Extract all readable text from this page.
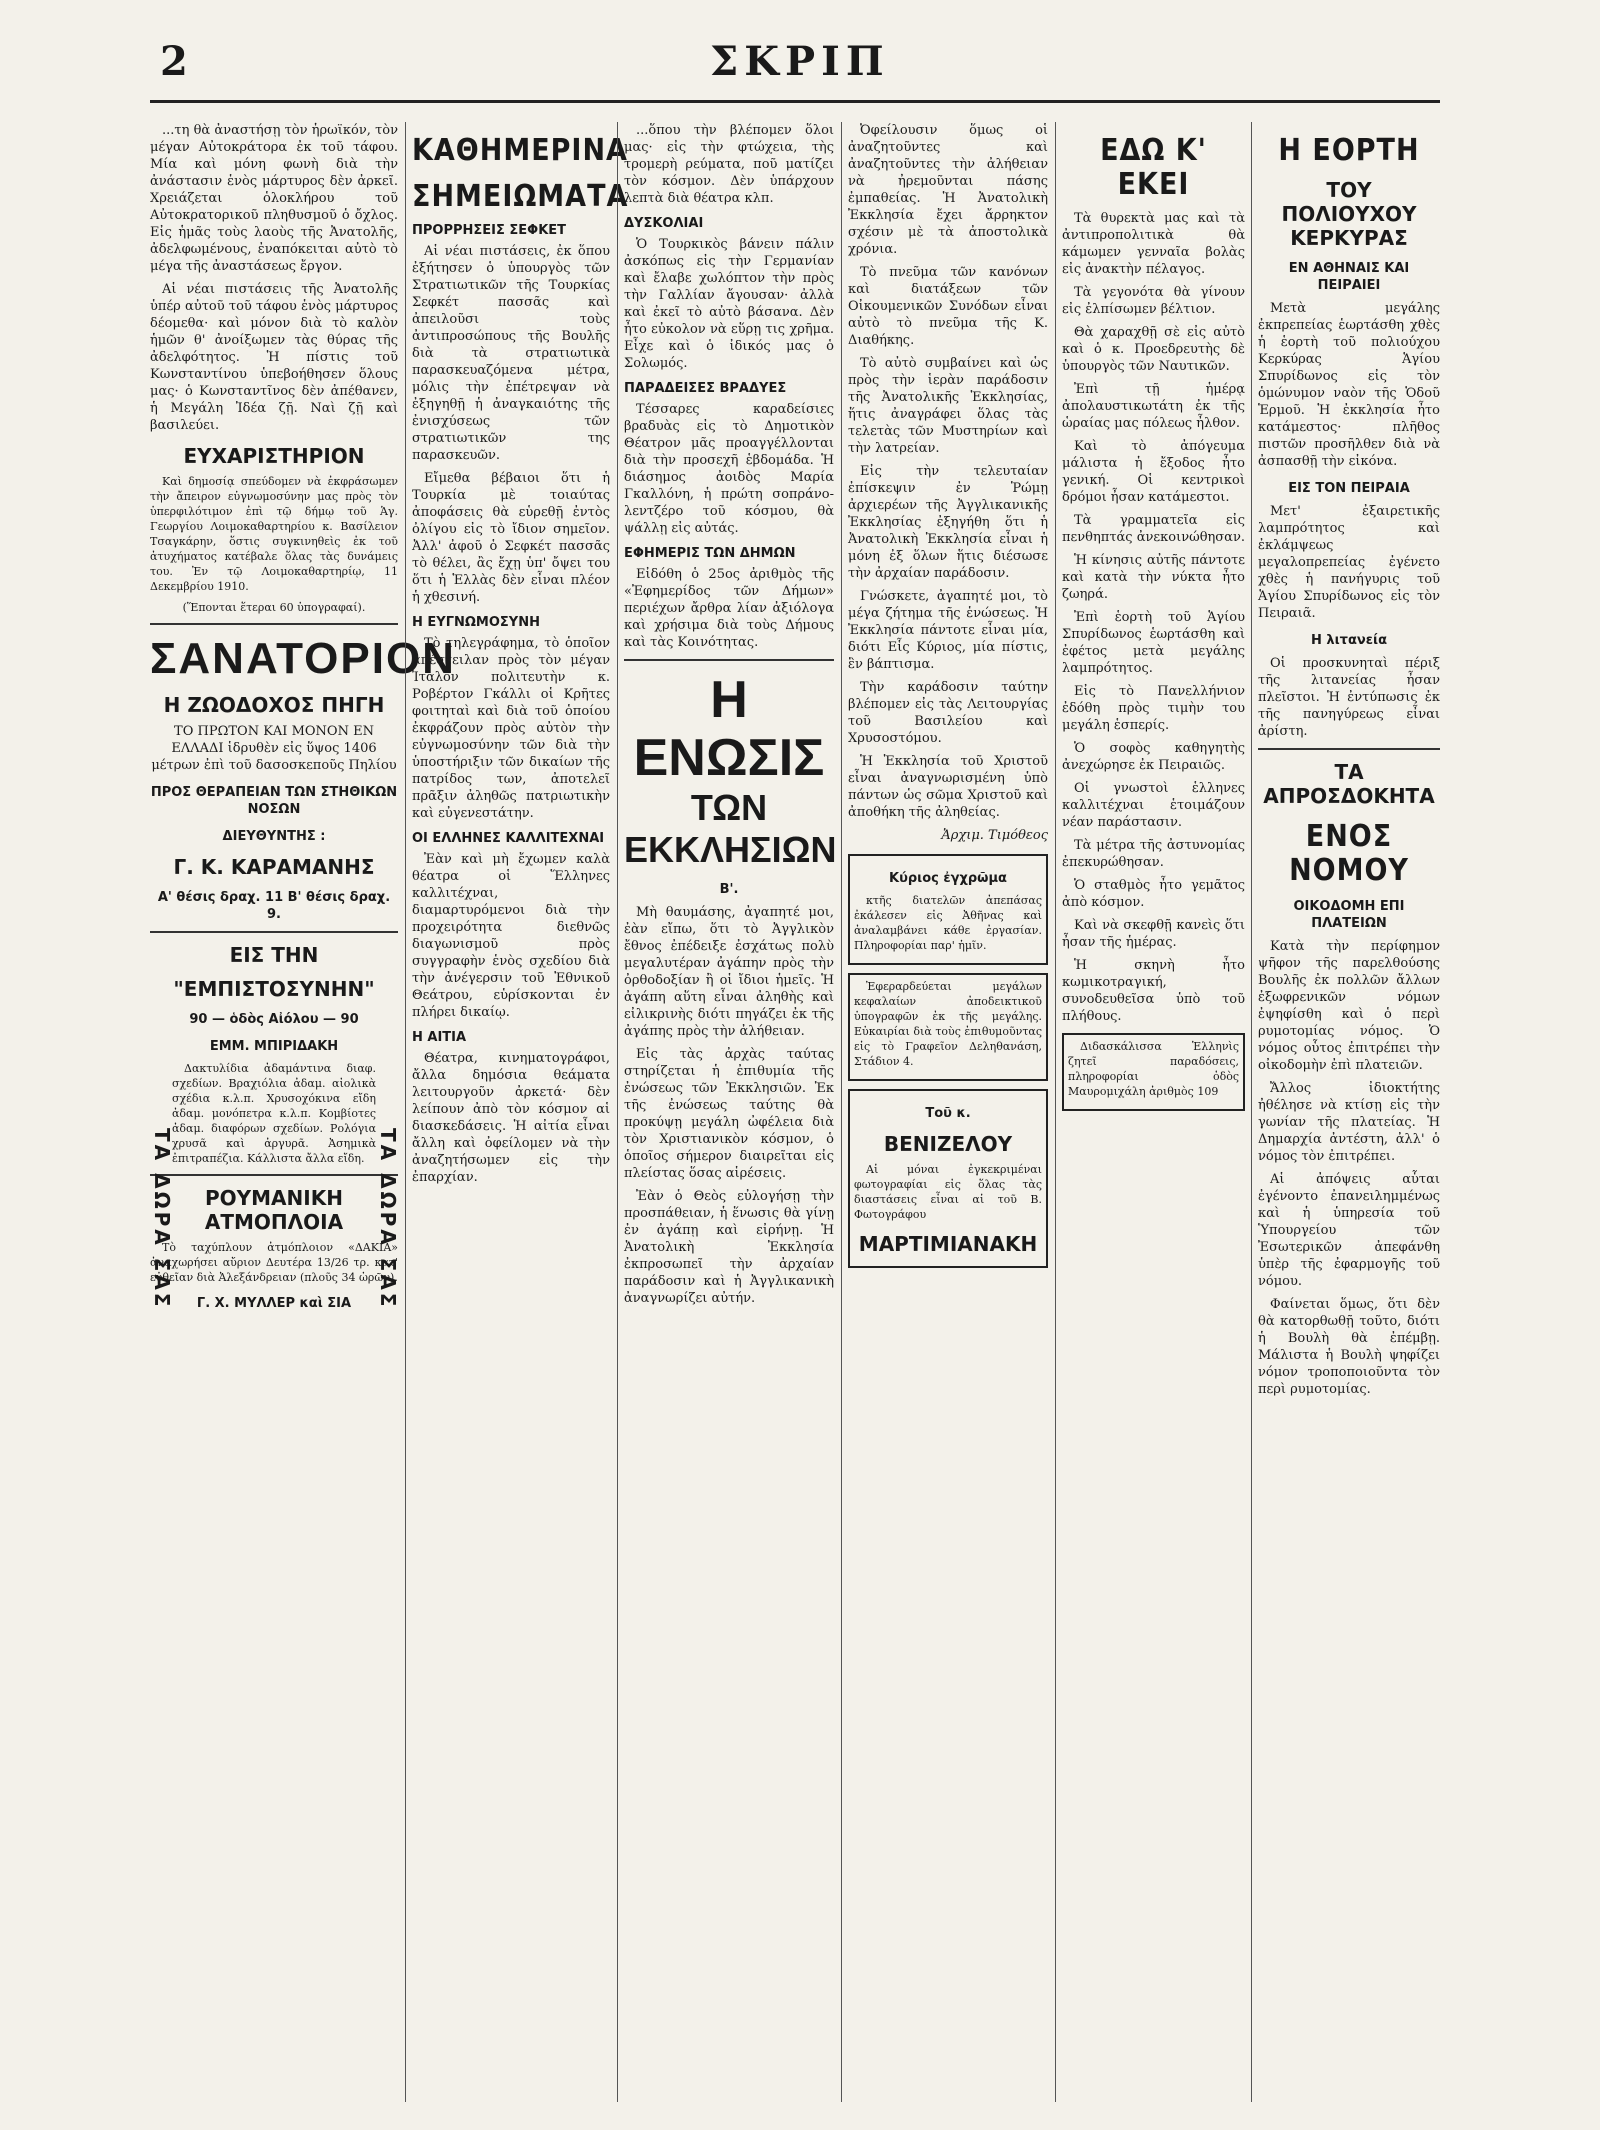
2	ΣΚΡΙΠ

...τη θὰ ἀναστήσῃ τὸν ἡρωϊκόν, τὸν μέγαν Αὐτοκράτορα ἐκ τοῦ τάφου. Μία καὶ μόνη φωνὴ διὰ τὴν ἀνάστασιν ἑνὸς μάρτυρος δὲν ἀρκεῖ. Χρειάζεται ὁλοκλήρου τοῦ Αὐτοκρατορικοῦ πληθυσμοῦ ὁ ὄχλος. Εἰς ἡμᾶς τοὺς λαοὺς τῆς Ἀνατολῆς, ἀδελφωμένους, ἐναπόκειται αὐτὸ τὸ μέγα τῆς ἀναστάσεως ἔργον.

Αἱ νέαι πιστάσεις τῆς Ἀνατολῆς ὑπέρ αὐτοῦ τοῦ τάφου ἑνὸς μάρτυρος δέομεθα· καὶ μόνον διὰ τὸ καλὸν ἡμῶν θ' ἀνοίξωμεν τὰς θύρας τῆς ἀδελφότητος. Ἡ πίστις τοῦ Κωνσταντίνου ὑπεβοήθησεν ὅλους μας· ὁ Κωνσταντῖνος δὲν ἀπέθανεν, ἡ Μεγάλη Ἰδέα ζῇ. Ναὶ ζῇ καὶ βασιλεύει.

ΕΥΧΑΡΙΣΤΗΡΙΟΝ

Καὶ δημοσίᾳ σπεύδομεν νὰ ἐκφράσωμεν τὴν ἄπειρον εὐγνωμοσύνην μας πρὸς τὸν ὑπερφιλότιμον ἐπὶ τῷ δήμῳ τοῦ Ἁγ. Γεωργίου Λοιμοκαθαρτηρίου κ. Βασίλειον Τσαγκάρην, ὅστις συγκινηθεὶς ἐκ τοῦ ἀτυχήματος κατέβαλε ὅλας τὰς δυνάμεις του. Ἐν τῷ Λοιμοκαθαρτηρίῳ, 11 Δεκεμβρίου 1910.

(Ἕπονται ἕτεραι 60 ὑπογραφαί).

ΣΑΝΑΤΟΡΙΟΝ
Η ΖΩΟΔΟΧΟΣ ΠΗΓΗ

ΤΟ ΠΡΩΤΟΝ ΚΑΙ ΜΟΝΟΝ ΕΝ ΕΛΛΑΔΙ ἱδρυθὲν εἰς ὕψος 1406 μέτρων ἐπὶ τοῦ δασοσκεποῦς Πηλίου

ΠΡΟΣ ΘΕΡΑΠΕΙΑΝ ΤΩΝ ΣΤΗΘΙΚΩΝ ΝΟΣΩΝ
ΔΙΕΥΘΥΝΤΗΣ :
Γ. Κ. ΚΑΡΑΜΑΝΗΣ
Α' θέσις δραχ. 11 Β' θέσις δραχ. 9.
ΕΙΣ ΤΗΝ
"ΕΜΠΙΣΤΟΣΥΝΗΝ"
90 — ὁδὸς Αἰόλου — 90
ΕΜΜ. ΜΠΙΡΙΔΑΚΗ

Δακτυλίδια ἀδαμάντινα διαφ. σχεδίων. Βραχιόλια ἀδαμ. αἰολικὰ σχέδια κ.λ.π. Χρυσοχόκινα εἴδη ἀδαμ. μονόπετρα κ.λ.π. Κομβίοτες ἀδαμ. διαφόρων σχεδίων. Ρολόγια χρυσᾶ καὶ ἀργυρᾶ. Ἀσημικὰ ἐπιτραπέζια. Κάλλιστα ἄλλα εἴδη.

ΡΟΥΜΑΝΙΚΗ ΑΤΜΟΠΛΟΙΑ

Τὸ ταχύπλουν ἀτμόπλοιον «ΔΑΚΙΑ» ἀναχωρήσει αὔριον Δευτέρα 13/26 τρ. κατ' εὐθεῖαν διὰ Ἀλεξάνδρειαν (πλοῦς 34 ὡρῶν).

Γ. Χ. ΜΥΛΛΕΡ καὶ ΣΙΑ
ΤΑ ΔΩΡΑ ΣΑΣ	ΤΑ ΔΩΡΑ ΣΑΣ
ΚΑΘΗΜΕΡΙΝΑ
ΣΗΜΕΙΩΜΑΤΑ
ΠΡΟΡΡΗΣΕΙΣ ΣΕΦΚΕΤ

Αἱ νέαι πιστάσεις, ἐκ ὅπου ἐξήτησεν ὁ ὑπουργὸς τῶν Στρατιωτικῶν τῆς Τουρκίας Σεφκέτ πασσᾶς καὶ ἀπειλοῦσι τοὺς ἀντιπροσώπους τῆς Βουλῆς διὰ τὰ στρατιωτικὰ παρασκευαζόμενα μέτρα, μόλις τὴν ἐπέτρεψαν νὰ ἐξηγηθῇ ἡ ἀναγκαιότης τῆς ἐνισχύσεως τῶν στρατιωτικῶν της παρασκευῶν.

Εἴμεθα βέβαιοι ὅτι ἡ Τουρκία μὲ τοιαύτας ἀποφάσεις θὰ εὑρεθῇ ἐντὸς ὀλίγου εἰς τὸ ἴδιον σημεῖον. Ἀλλ' ἀφοῦ ὁ Σεφκέτ πασσᾶς τὸ θέλει, ἂς ἔχῃ ὑπ' ὄψει του ὅτι ἡ Ἑλλὰς δὲν εἶναι πλέον ἡ χθεσινή.

Η ΕΥΓΝΩΜΟΣΥΝΗ

Τὸ τηλεγράφημα, τὸ ὁποῖον ἀπέστειλαν πρὸς τὸν μέγαν Ἰταλὸν πολιτευτὴν κ. Ροβέρτον Γκάλλι οἱ Κρῆτες φοιτηταὶ καὶ διὰ τοῦ ὁποίου ἐκφράζουν πρὸς αὐτὸν τὴν εὐγνωμοσύνην τῶν διὰ τὴν ὑποστήριξιν τῶν δικαίων τῆς πατρίδος των, ἀποτελεῖ πρᾶξιν ἀληθῶς πατριωτικὴν καὶ εὐγενεστάτην.

ΟΙ ΕΛΛΗΝΕΣ ΚΑΛΛΙΤΕΧΝΑΙ

Ἐὰν καὶ μὴ ἔχωμεν καλὰ θέατρα οἱ Ἕλληνες καλλιτέχναι, διαμαρτυρόμενοι διὰ τὴν προχειρότητα διεθνῶς διαγωνισμοῦ πρὸς συγγραφὴν ἑνὸς σχεδίου διὰ τὴν ἀνέγερσιν τοῦ Ἐθνικοῦ Θεάτρου, εὑρίσκονται ἐν πλήρει δικαίῳ.

Η ΑΙΤΙΑ

Θέατρα, κινηματογράφοι, ἄλλα δημόσια θεάματα λειτουργοῦν ἀρκετά· δὲν λείπουν ἀπὸ τὸν κόσμον αἱ διασκεδάσεις. Ἡ αἰτία εἶναι ἄλλη καὶ ὀφείλομεν νὰ τὴν ἀναζητήσωμεν εἰς τὴν ἐπαρχίαν.

...ὅπου τὴν βλέπομεν ὅλοι μας· εἰς τὴν φτώχεια, τὴς τρομερὴ ρεύματα, ποῦ ματίζει τὸν κόσμον. Δὲν ὑπάρχουν λεπτὰ διὰ θέατρα κλπ.

ΔΥΣΚΟΛΙΑΙ

Ὁ Τουρκικὸς βάνειν πάλιν ἀσκόπως εἰς τὴν Γερμανίαν καὶ ἔλαβε χωλόπτον τὴν πρὸς τὴν Γαλλίαν ἄγουσαν· ἀλλὰ καὶ ἐκεῖ τὸ αὐτὸ βάσανα. Δὲν ἦτο εὐκολον νὰ εὕρῃ τις χρῆμα. Εἶχε καὶ ὁ ἰδικός μας ὁ Σολωμός.

ΠΑΡΑΔΕΙΣΕΣ ΒΡΑΔΥΕΣ

Τέσσαρες καραδείσιες βραδυὰς εἰς τὸ Δημοτικὸν Θέατρον μᾶς προαγγέλλονται διὰ τὴν προσεχῆ ἑβδομάδα. Ἡ διάσημος ἀοιδὸς Μαρία Γκαλλόνη, ἡ πρώτη σοπράνο-λεντζέρο τοῦ κόσμου, θὰ ψάλλῃ εἰς αὐτάς.

ΕΦΗΜΕΡΙΣ ΤΩΝ ΔΗΜΩΝ

Εἰδόθη ὁ 25ος ἀριθμὸς τῆς «Ἐφημερίδος τῶν Δήμων» περιέχων ἄρθρα λίαν ἀξιόλογα καὶ χρήσιμα διὰ τοὺς Δήμους καὶ τὰς Κοινότητας.

Η ΕΝΩΣΙΣ
ΤΩΝ ΕΚΚΛΗΣΙΩΝ
Β'.

Μὴ θαυμάσης, ἀγαπητέ μοι, ἐὰν εἴπω, ὅτι τὸ Ἀγγλικὸν ἔθνος ἐπέδειξε ἐσχάτως πολὺ μεγαλυτέραν ἀγάπην πρὸς τὴν ὀρθοδοξίαν ἢ οἱ ἴδιοι ἡμεῖς. Ἡ ἀγάπη αὕτη εἶναι ἀληθὴς καὶ εἰλικρινὴς διότι πηγάζει ἐκ τῆς ἀγάπης πρὸς τὴν ἀλήθειαν.

Εἰς τὰς ἀρχὰς ταύτας στηρίζεται ἡ ἐπιθυμία τῆς ἐνώσεως τῶν Ἐκκλησιῶν. Ἐκ τῆς ἐνώσεως ταύτης θὰ προκύψῃ μεγάλη ὠφέλεια διὰ τὸν Χριστιανικὸν κόσμον, ὁ ὁποῖος σήμερον διαιρεῖται εἰς πλείστας ὅσας αἱρέσεις.

Ἐὰν ὁ Θεὸς εὐλογήσῃ τὴν προσπάθειαν, ἡ ἕνωσις θὰ γίνῃ ἐν ἀγάπῃ καὶ εἰρήνῃ. Ἡ Ἀνατολικὴ Ἐκκλησία ἐκπροσωπεῖ τὴν ἀρχαίαν παράδοσιν καὶ ἡ Ἀγγλικανικὴ ἀναγνωρίζει αὐτήν.

Ὀφείλουσιν ὅμως οἱ ἀναζητοῦντες καὶ ἀναζητοῦντες τὴν ἀλήθειαν νὰ ἠρεμοῦνται πάσης ἐμπαθείας. Ἡ Ἀνατολικὴ Ἐκκλησία ἔχει ἄρρηκτον σχέσιν μὲ τὰ ἀποστολικὰ χρόνια.

Τὸ πνεῦμα τῶν κανόνων καὶ διατάξεων τῶν Οἰκουμενικῶν Συνόδων εἶναι αὐτὸ τὸ πνεῦμα τῆς Κ. Διαθήκης.

Τὸ αὐτὸ συμβαίνει καὶ ὡς πρὸς τὴν ἱερὰν παράδοσιν τῆς Ἀνατολικῆς Ἐκκλησίας, ἥτις ἀναγράφει ὅλας τὰς τελετὰς τῶν Μυστηρίων καὶ τὴν λατρείαν.

Εἰς τὴν τελευταίαν ἐπίσκεψιν ἐν Ῥώμῃ ἀρχιερέων τῆς Ἀγγλικανικῆς Ἐκκλησίας ἐξηγήθη ὅτι ἡ Ἀνατολικὴ Ἐκκλησία εἶναι ἡ μόνη ἐξ ὅλων ἥτις διέσωσε τὴν ἀρχαίαν παράδοσιν.

Γνώσκετε, ἀγαπητέ μοι, τὸ μέγα ζήτημα τῆς ἑνώσεως. Ἡ Ἐκκλησία πάντοτε εἶναι μία, διότι Εἷς Κύριος, μία πίστις, ἓν βάπτισμα.

Τὴν καράδοσιν ταύτην βλέπομεν εἰς τὰς Λειτουργίας τοῦ Βασιλείου καὶ Χρυσοστόμου.

Ἡ Ἐκκλησία τοῦ Χριστοῦ εἶναι ἀναγνωρισμένη ὑπὸ πάντων ὡς σῶμα Χριστοῦ καὶ ἀποθήκη τῆς ἀληθείας.

Ἀρχιμ. Τιμόθεος
Κύριος ἐγχρῶμα

κτῆς διατελῶν ἀπεπάσας ἐκάλεσεν εἰς Ἀθῆνας καὶ ἀναλαμβάνει κάθε ἐργασίαν. Πληροφορίαι παρ' ἡμῖν.

Ἐφεραρδεύεται μεγάλων κεφαλαίων ἀποδεικτικοῦ ὑπογραφῶν ἐκ τῆς μεγάλης. Εὐκαιρίαι διὰ τοὺς ἐπιθυμοῦντας εἰς τὸ Γραφεῖον Δεληθανάση, Στάδιον 4.

Τοῦ κ.
ΒΕΝΙΖΕΛΟΥ

Αἱ μόναι ἐγκεκριμέναι φωτογραφίαι εἰς ὅλας τὰς διαστάσεις εἶναι αἱ τοῦ Β. Φωτογράφου

ΜΑΡΤΙΜΙΑΝΑΚΗ
ΕΔΩ Κ' ΕΚΕΙ

Τὰ θυρεκτὰ μας καὶ τὰ ἀντιπροπολιτικὰ θὰ κάμωμεν γενναῖα βολὰς εἰς ἀνακτὴν πέλαγος.

Τὰ γεγονότα θὰ γίνουν εἰς ἐλπίσωμεν βέλτιον.

Θὰ χαραχθῇ σὲ εἰς αὐτὸ καὶ ὁ κ. Προεδρευτὴς δὲ ὑπουργὸς τῶν Ναυτικῶν.

Ἐπὶ τῇ ἡμέρᾳ ἀπολαυστικωτάτη ἐκ τῆς ὡραίας μας πόλεως ἦλθον.

Καὶ τὸ ἀπόγευμα μάλιστα ἡ ἔξοδος ἦτο γενική. Οἱ κεντρικοὶ δρόμοι ἦσαν κατάμεστοι.

Τὰ γραμματεῖα εἰς πενθηπτάς ἀνεκοινώθησαν.

Ἡ κίνησις αὐτῆς πάντοτε καὶ κατὰ τὴν νύκτα ἦτο ζωηρά.

Ἐπὶ ἑορτὴ τοῦ Ἁγίου Σπυρίδωνος ἑωρτάσθη καὶ ἐφέτος μετὰ μεγάλης λαμπρότητος.

Εἰς τὸ Πανελλήνιον ἐδόθη πρὸς τιμὴν του μεγάλη ἑσπερίς.

Ὁ σοφὸς καθηγητὴς ἀνεχώρησε ἐκ Πειραιῶς.

Οἱ γνωστοὶ ἑλληνες καλλιτέχναι ἑτοιμάζουν νέαν παράστασιν.

Τὰ μέτρα τῆς ἀστυνομίας ἐπεκυρώθησαν.

Ὁ σταθμὸς ἦτο γεμᾶτος ἀπὸ κόσμον.

Καὶ νὰ σκεφθῇ κανεὶς ὅτι ἦσαν τῆς ἡμέρας.

Ἡ σκηνὴ ἦτο κωμικοτραγική, συνοδευθεῖσα ὑπὸ τοῦ πλήθους.

Διδασκάλισσα Ἑλληνὶς ζητεῖ παραδόσεις, πληροφορίαι ὁδὸς Μαυρομιχάλη ἀριθμὸς 109

Η ΕΟΡΤΗ
ΤΟΥ ΠΟΛΙΟΥΧΟΥ ΚΕΡΚΥΡΑΣ
ΕΝ ΑΘΗΝΑΙΣ ΚΑΙ ΠΕΙΡΑΙΕΙ

Μετὰ μεγάλης ἐκπρεπείας ἑωρτάσθη χθὲς ἡ ἑορτὴ τοῦ πολιούχου Κερκύρας Ἁγίου Σπυρίδωνος εἰς τὸν ὁμώνυμον ναὸν τῆς Ὁδοῦ Ἑρμοῦ. Ἡ ἐκκλησία ἦτο κατάμεστος· πλῆθος πιστῶν προσῆλθεν διὰ νὰ ἀσπασθῇ τὴν εἰκόνα.

ΕΙΣ ΤΟΝ ΠΕΙΡΑΙΑ

Μετ' ἐξαιρετικῆς λαμπρότητος καὶ ἐκλάμψεως μεγαλοπρεπείας ἐγένετο χθὲς ἡ πανήγυρις τοῦ Ἁγίου Σπυρίδωνος εἰς τὸν Πειραιᾶ.

Η λιτανεία

Οἱ προσκυνηταὶ πέριξ τῆς λιτανείας ἦσαν πλεῖστοι. Ἡ ἐντύπωσις ἐκ τῆς πανηγύρεως εἶναι ἀρίστη.

ΤΑ ΑΠΡΟΣΔΟΚΗΤΑ
ΕΝΟΣ ΝΟΜΟΥ
ΟΙΚΟΔΟΜΗ ΕΠΙ ΠΛΑΤΕΙΩΝ

Κατὰ τὴν περίφημον ψῆφον τῆς παρελθούσης Βουλῆς ἐκ πολλῶν ἄλλων ἐξωφρενικῶν νόμων ἐψηφίσθη καὶ ὁ περὶ ρυμοτομίας νόμος. Ὁ νόμος οὗτος ἐπιτρέπει τὴν οἰκοδομὴν ἐπὶ πλατειῶν.

Ἄλλος ἰδιοκτήτης ἠθέλησε νὰ κτίσῃ εἰς τὴν γωνίαν τῆς πλατείας. Ἡ Δημαρχία ἀντέστη, ἀλλ' ὁ νόμος τὸν ἐπιτρέπει.

Αἱ ἀπόψεις αὗται ἐγένοντο ἐπανειλημμένως καὶ ἡ ὑπηρεσία τοῦ Ὑπουργείου τῶν Ἐσωτερικῶν ἀπεφάνθη ὑπὲρ τῆς ἐφαρμογῆς τοῦ νόμου.

Φαίνεται ὅμως, ὅτι δὲν θὰ κατορθωθῇ τοῦτο, διότι ἡ Βουλὴ θὰ ἐπέμβῃ. Μάλιστα ἡ Βουλὴ ψηφίζει νόμον τροποποιοῦντα τὸν περὶ ρυμοτομίας.
